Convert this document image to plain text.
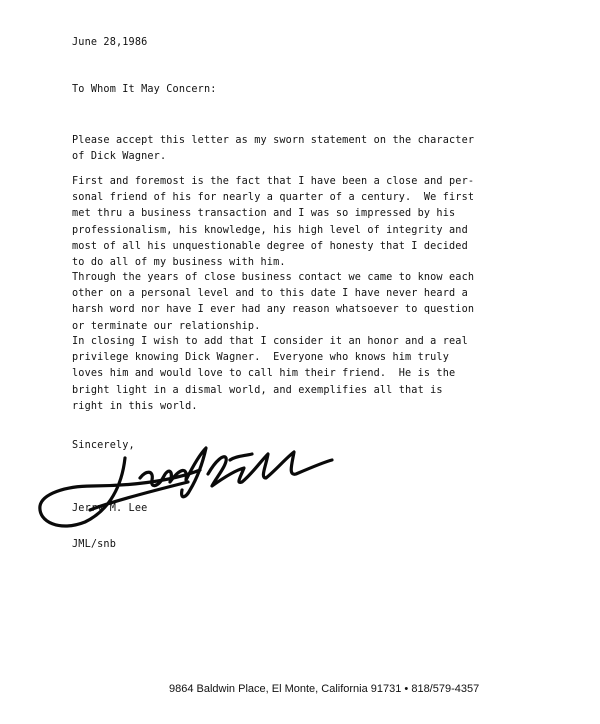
June 28,1986
To Whom It May Concern:
Please accept this letter as my sworn statement on the character
of Dick Wagner.
First and foremost is the fact that I have been a close and per-
sonal friend of his for nearly a quarter of a century.  We first
met thru a business transaction and I was so impressed by his
professionalism, his knowledge, his high level of integrity and
most of all his unquestionable degree of honesty that I decided
to do all of my business with him.
Through the years of close business contact we came to know each
other on a personal level and to this date I have never heard a
harsh word nor have I ever had any reason whatsoever to question
or terminate our relationship.
In closing I wish to add that I consider it an honor and a real
privilege knowing Dick Wagner.  Everyone who knows him truly
loves him and would love to call him their friend.  He is the
bright light in a dismal world, and exemplifies all that is
right in this world.
Sincerely,
Jerry M. Lee
JML/snb
9864 Baldwin Place, El Monte, California 91731 • 818/579-4357
